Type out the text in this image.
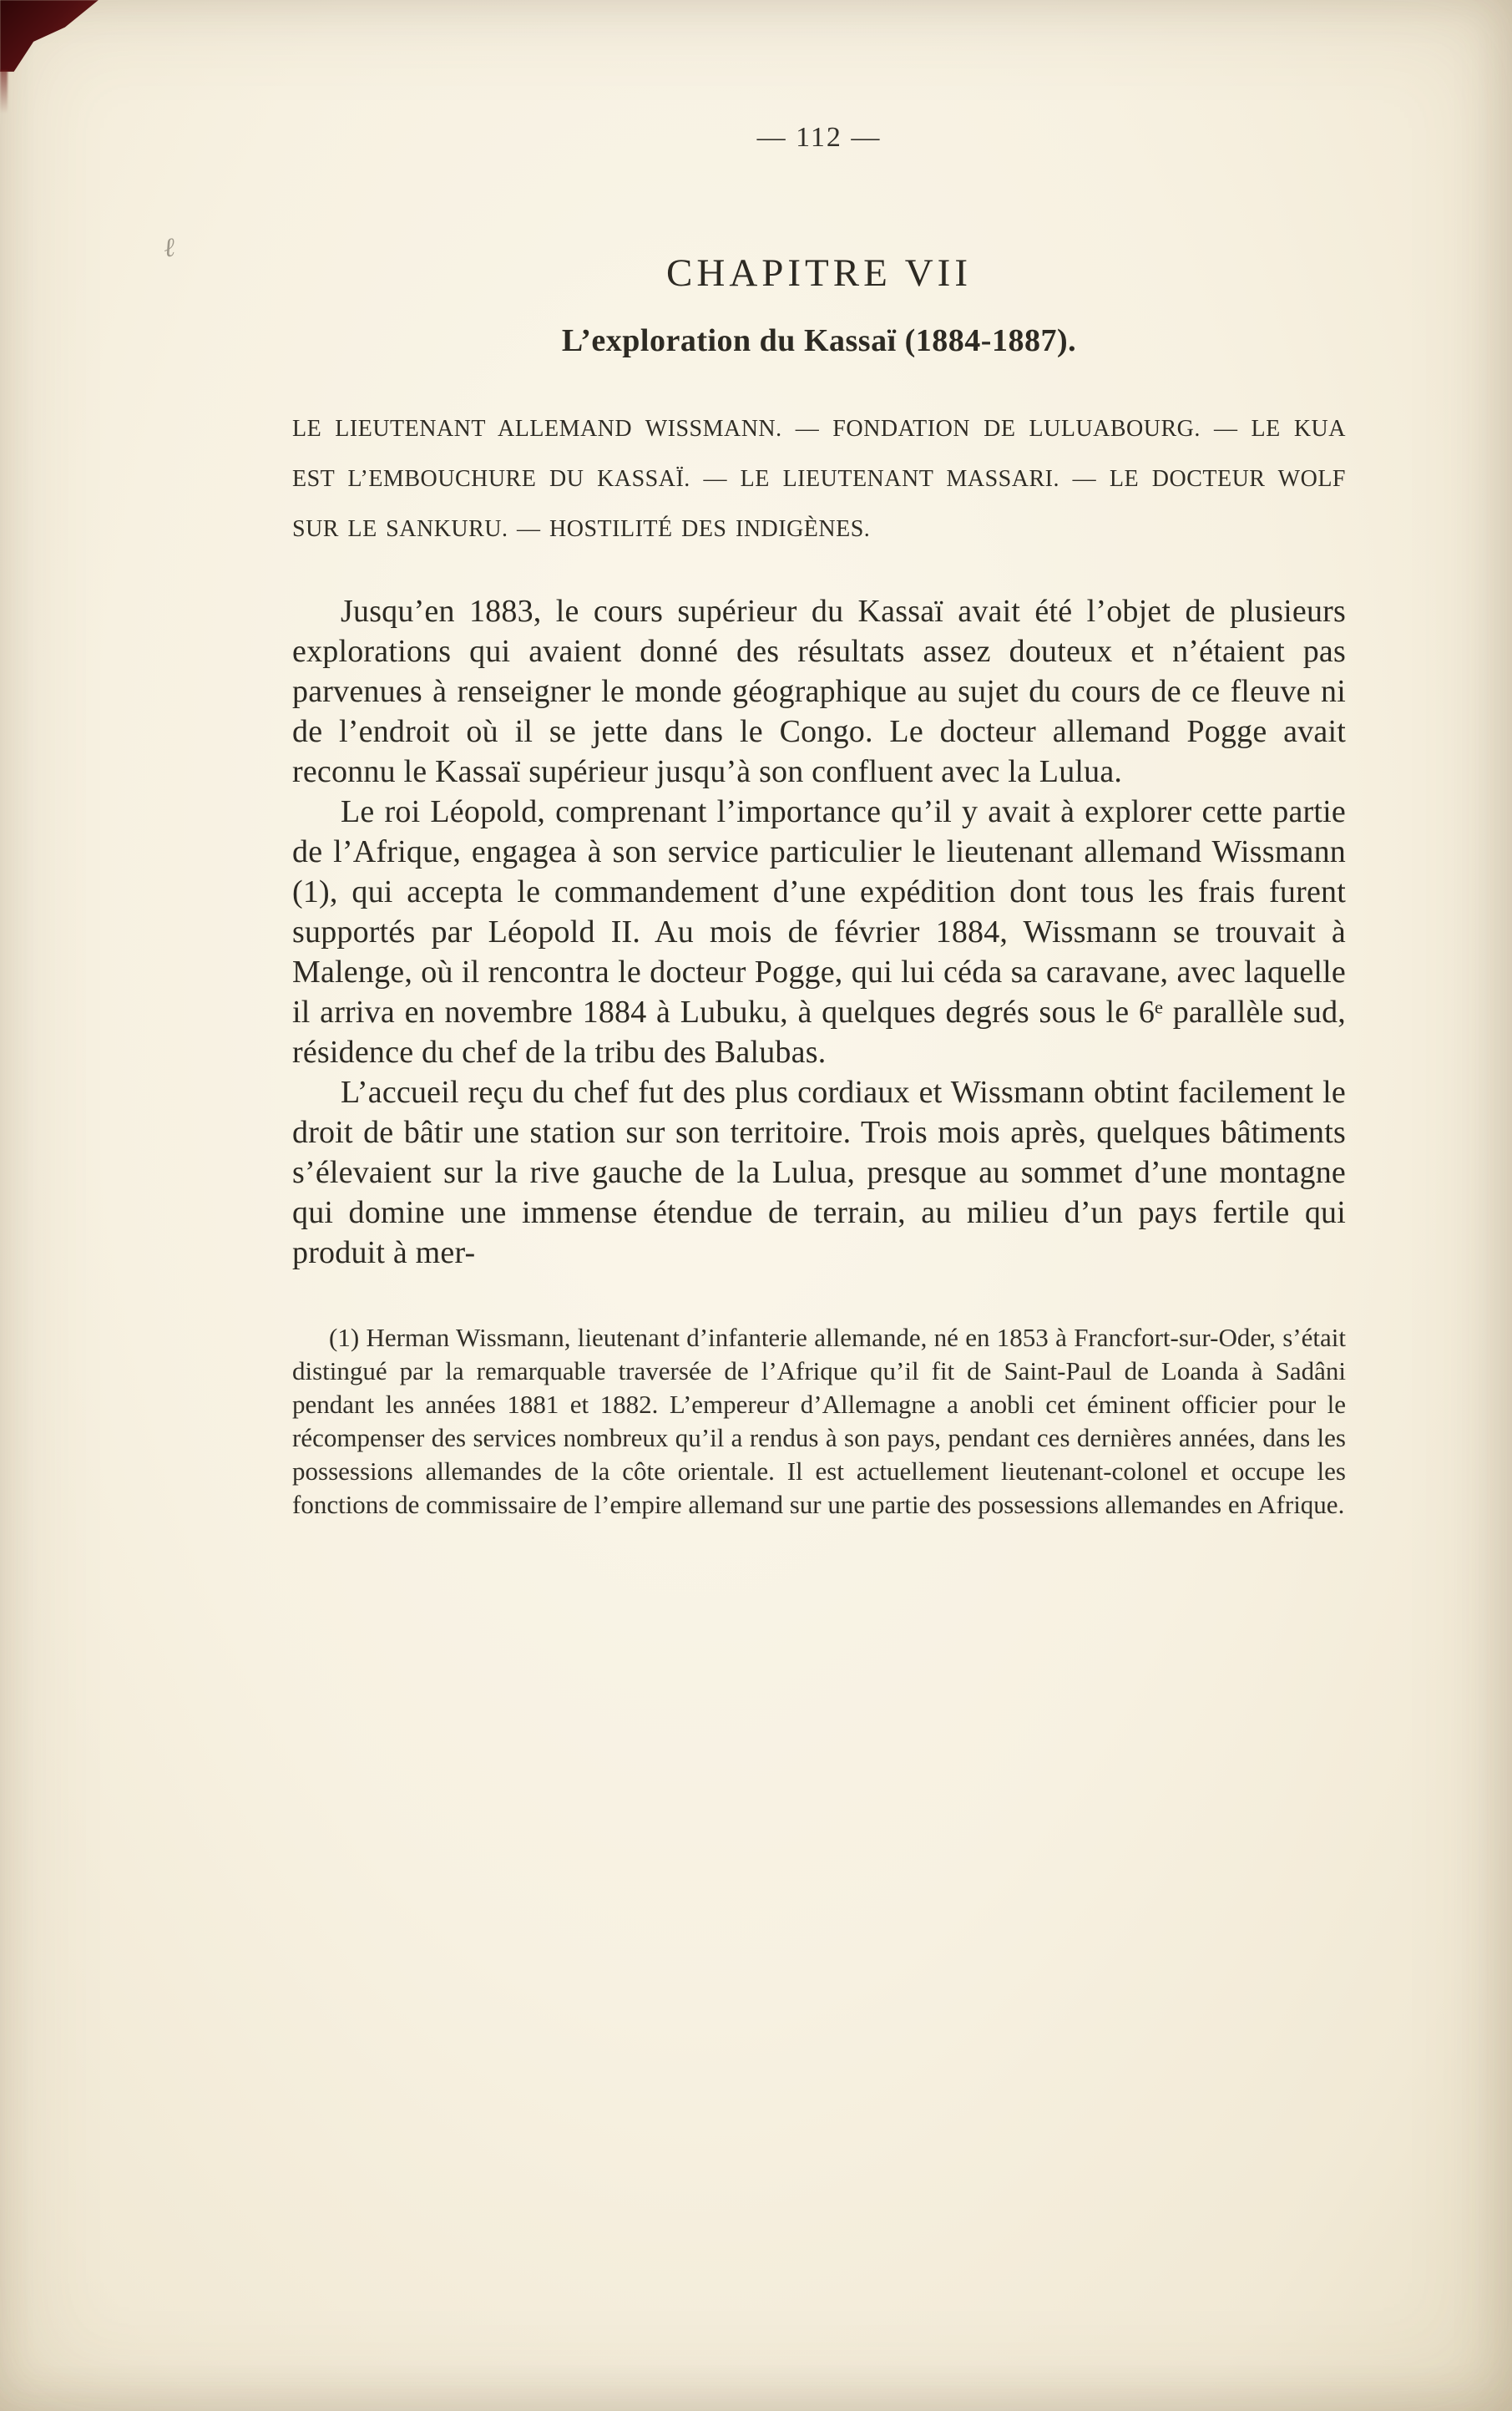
ℓ
— 112 —
CHAPITRE VII
L’exploration du Kassaï (1884-1887).

LE LIEUTENANT ALLEMAND WISSMANN. — FONDATION DE LULUABOURG. — LE KUA EST L’EMBOUCHURE DU KASSAÏ. — LE LIEUTENANT MASSARI. — LE DOCTEUR WOLF SUR LE SANKURU. — HOSTILITÉ DES INDIGÈNES.

Jusqu’en 1883, le cours supérieur du Kassaï avait été l’objet de plusieurs explorations qui avaient donné des résultats assez douteux et n’étaient pas parvenues à renseigner le monde géographique au sujet du cours de ce fleuve ni de l’endroit où il se jette dans le Congo. Le docteur allemand Pogge avait reconnu le Kassaï supérieur jusqu’à son confluent avec la Lulua.

Le roi Léopold, comprenant l’importance qu’il y avait à explorer cette partie de l’Afrique, engagea à son service particulier le lieutenant allemand Wissmann (1), qui accepta le commandement d’une expédition dont tous les frais furent supportés par Léopold II. Au mois de février 1884, Wissmann se trouvait à Malenge, où il rencontra le docteur Pogge, qui lui céda sa caravane, avec laquelle il arriva en novembre 1884 à Lubuku, à quelques degrés sous le 6ᵉ parallèle sud, résidence du chef de la tribu des Balubas.

L’accueil reçu du chef fut des plus cordiaux et Wissmann obtint facilement le droit de bâtir une station sur son territoire. Trois mois après, quelques bâtiments s’élevaient sur la rive gauche de la Lulua, presque au sommet d’une montagne qui domine une immense étendue de terrain, au milieu d’un pays fertile qui produit à mer-

(1) Herman Wissmann, lieutenant d’infanterie allemande, né en 1853 à Francfort-sur-Oder, s’était distingué par la remarquable traversée de l’Afrique qu’il fit de Saint-Paul de Loanda à Sadâni pendant les années 1881 et 1882. L’empereur d’Allemagne a anobli cet éminent officier pour le récompenser des services nombreux qu’il a rendus à son pays, pendant ces dernières années, dans les possessions allemandes de la côte orientale. Il est actuellement lieutenant-colonel et occupe les fonctions de commissaire de l’empire allemand sur une partie des possessions allemandes en Afrique.
